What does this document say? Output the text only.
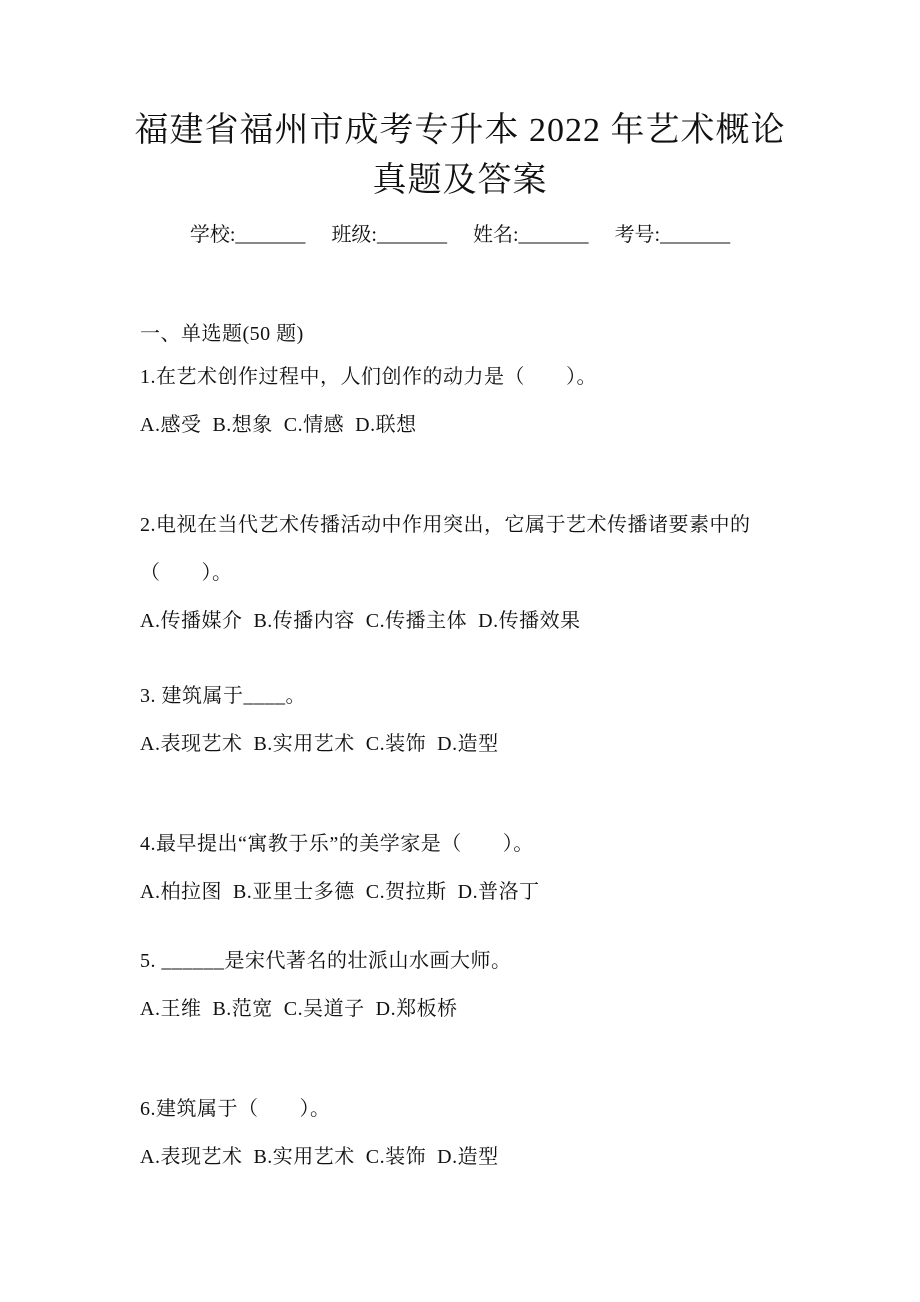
福建省福州市成考专升本 2022 年艺术概论
真题及答案
学校:_______ 班级:_______ 姓名:_______ 考号:_______
一、单选题(50 题)
1.在艺术创作过程中，人们创作的动力是（　　）。
A.感受  B.想象  C.情感  D.联想
2.电视在当代艺术传播活动中作用突出，它属于艺术传播诸要素中的
（　　）。
A.传播媒介  B.传播内容  C.传播主体  D.传播效果
3. 建筑属于____。
A.表现艺术  B.实用艺术  C.装饰  D.造型
4.最早提出“寓教于乐”的美学家是（　　）。
A.柏拉图  B.亚里士多德  C.贺拉斯  D.普洛丁
5. ______是宋代著名的壮派山水画大师。
A.王维  B.范宽  C.吴道子  D.郑板桥
6.建筑属于（　　）。
A.表现艺术  B.实用艺术  C.装饰  D.造型
